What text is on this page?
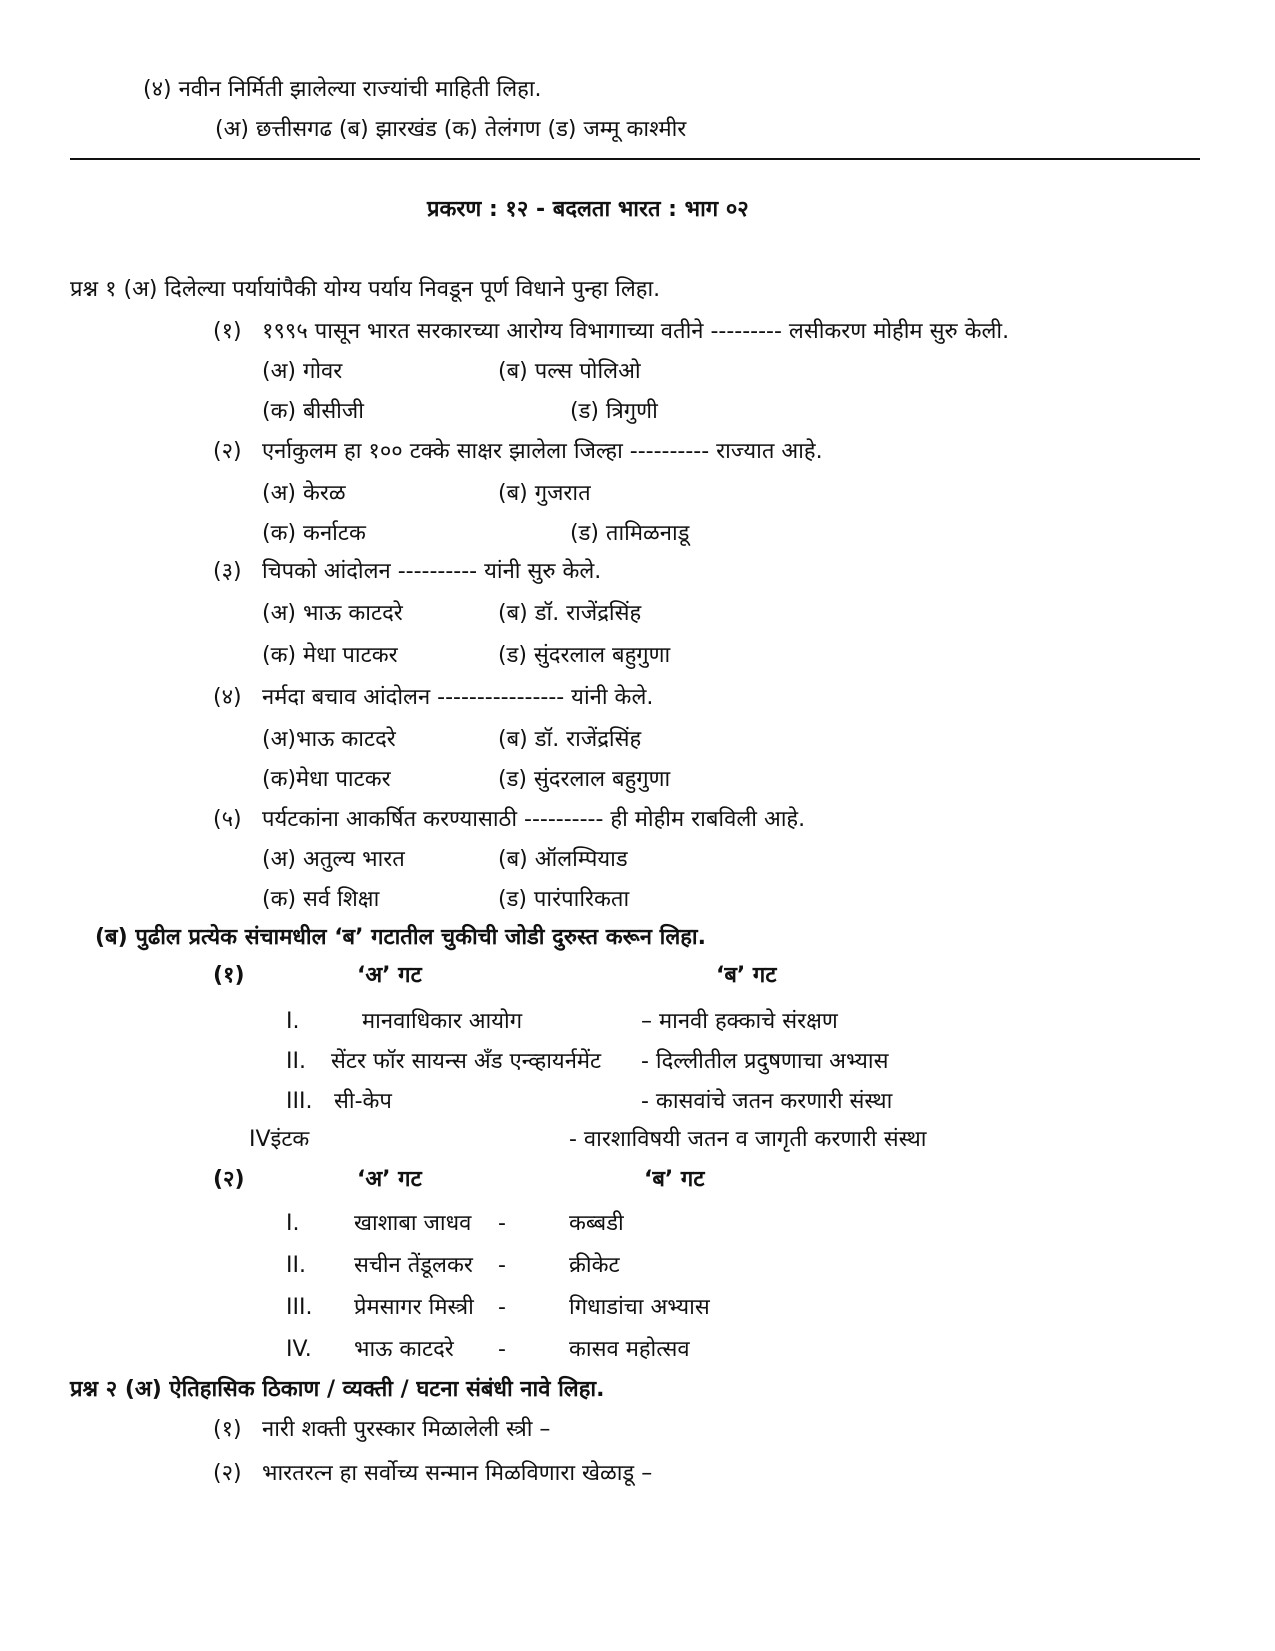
(४) नवीन निर्मिती झालेल्या राज्यांची माहिती लिहा.
(अ) छत्तीसगढ (ब) झारखंड (क) तेलंगण (ड) जम्मू काश्मीर
प्रकरण : १२ - बदलता भारत : भाग ०२
प्रश्न १ (अ) दिलेल्या पर्यायांपैकी योग्य पर्याय निवडून पूर्ण विधाने पुन्हा लिहा.
(१) १९९५ पासून भारत सरकारच्या आरोग्य विभागाच्या वतीने --------- लसीकरण मोहीम सुरु केली.
(अ) गोवर	(ब) पल्स पोलिओ
(क) बीसीजी	(ड) त्रिगुणी
(२) एर्नाकुलम हा १०० टक्के साक्षर झालेला जिल्हा ---------- राज्यात आहे.
(अ) केरळ	(ब) गुजरात
(क) कर्नाटक	(ड) तामिळनाडू
(३) चिपको आंदोलन ---------- यांनी सुरु केले.
(अ) भाऊ काटदरे	(ब) डॉ. राजेंद्रसिंह
(क) मेधा पाटकर	(ड) सुंदरलाल बहुगुणा
(४) नर्मदा बचाव आंदोलन ---------------- यांनी केले.
(अ)भाऊ काटदरे	(ब) डॉ. राजेंद्रसिंह
(क)मेधा पाटकर	(ड) सुंदरलाल बहुगुणा
(५) पर्यटकांना आकर्षित करण्यासाठी ---------- ही मोहीम राबविली आहे.
(अ) अतुल्य भारत	(ब) ऑलम्पियाड
(क) सर्व शिक्षा	(ड) पारंपारिकता
(ब) पुढील प्रत्येक संचामधील ‘ब’ गटातील चुकीची जोडी दुरुस्त करून लिहा.
(१)	‘अ’ गट	‘ब’ गट
I.	मानवाधिकार आयोग	– मानवी हक्काचे संरक्षण
II. सेंटर फॉर सायन्स अँड एन्व्हायर्नमेंट - दिल्लीतील प्रदुषणाचा अभ्यास
III. सी-केप	- कासवांचे जतन करणारी संस्था
IVइंटक	- वारशाविषयी जतन व जागृती करणारी संस्था
(२)	‘अ’ गट	‘ब’ गट
I. खाशाबा जाधव -	कब्बडी
II. सचीन तेंडूलकर -	क्रीकेट
III. प्रेमसागर मिस्त्री -	गिधाडांचा अभ्यास
IV. भाऊ काटदरे -	कासव महोत्सव
प्रश्न २ (अ) ऐतिहासिक ठिकाण / व्यक्ती / घटना संबंधी नावे लिहा.
(१) नारी शक्ती पुरस्कार मिळालेली स्त्री –
(२) भारतरत्न हा सर्वोच्य सन्मान मिळविणारा खेळाडू –
